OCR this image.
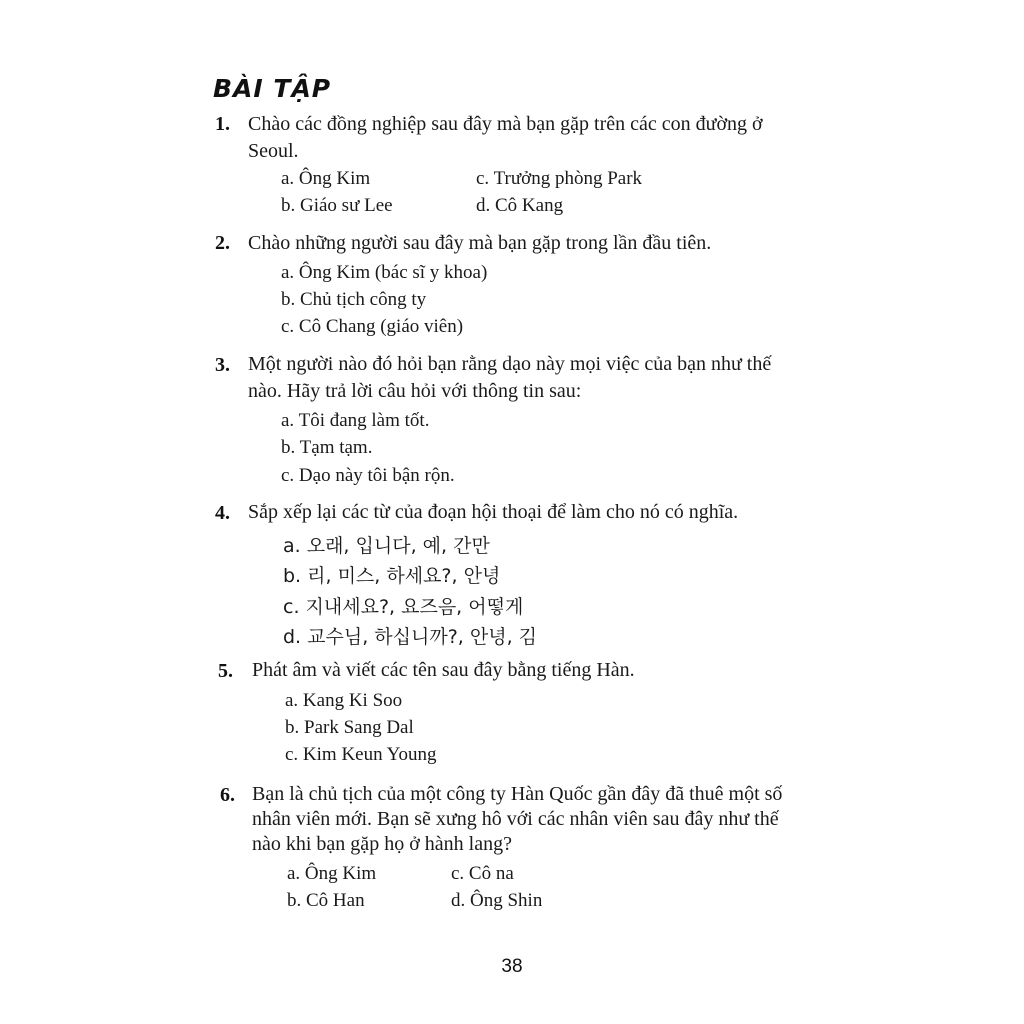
BÀI TẬP
1. Chào các đồng nghiệp sau đây mà bạn gặp trên các con đường ở
Seoul.
a. Ông Kim	c. Trưởng phòng Park
b. Giáo sư Lee	d. Cô Kang
2. Chào những người sau đây mà bạn gặp trong lần đầu tiên.
a. Ông Kim (bác sĩ y khoa)
b. Chủ tịch công ty
c. Cô Chang (giáo viên)
3. Một người nào đó hỏi bạn rằng dạo này mọi việc của bạn như thế
nào. Hãy trả lời câu hỏi với thông tin sau:
a. Tôi đang làm tốt.
b. Tạm tạm.
c. Dạo này tôi bận rộn.
4. Sắp xếp lại các từ của đoạn hội thoại để làm cho nó có nghĩa.
a. 오래, 입니다, 예, 간만
b. 리, 미스, 하세요?, 안녕
c. 지내세요?, 요즈음, 어떻게
d. 교수님, 하십니까?, 안녕, 김
5. Phát âm và viết các tên sau đây bằng tiếng Hàn.
a. Kang Ki Soo
b. Park Sang Dal
c. Kim Keun Young
6. Bạn là chủ tịch của một công ty Hàn Quốc gần đây đã thuê một số
nhân viên mới. Bạn sẽ xưng hô với các nhân viên sau đây như thế
nào khi bạn gặp họ ở hành lang?
a. Ông Kim	c. Cô na
b. Cô Han	d. Ông Shin
38
